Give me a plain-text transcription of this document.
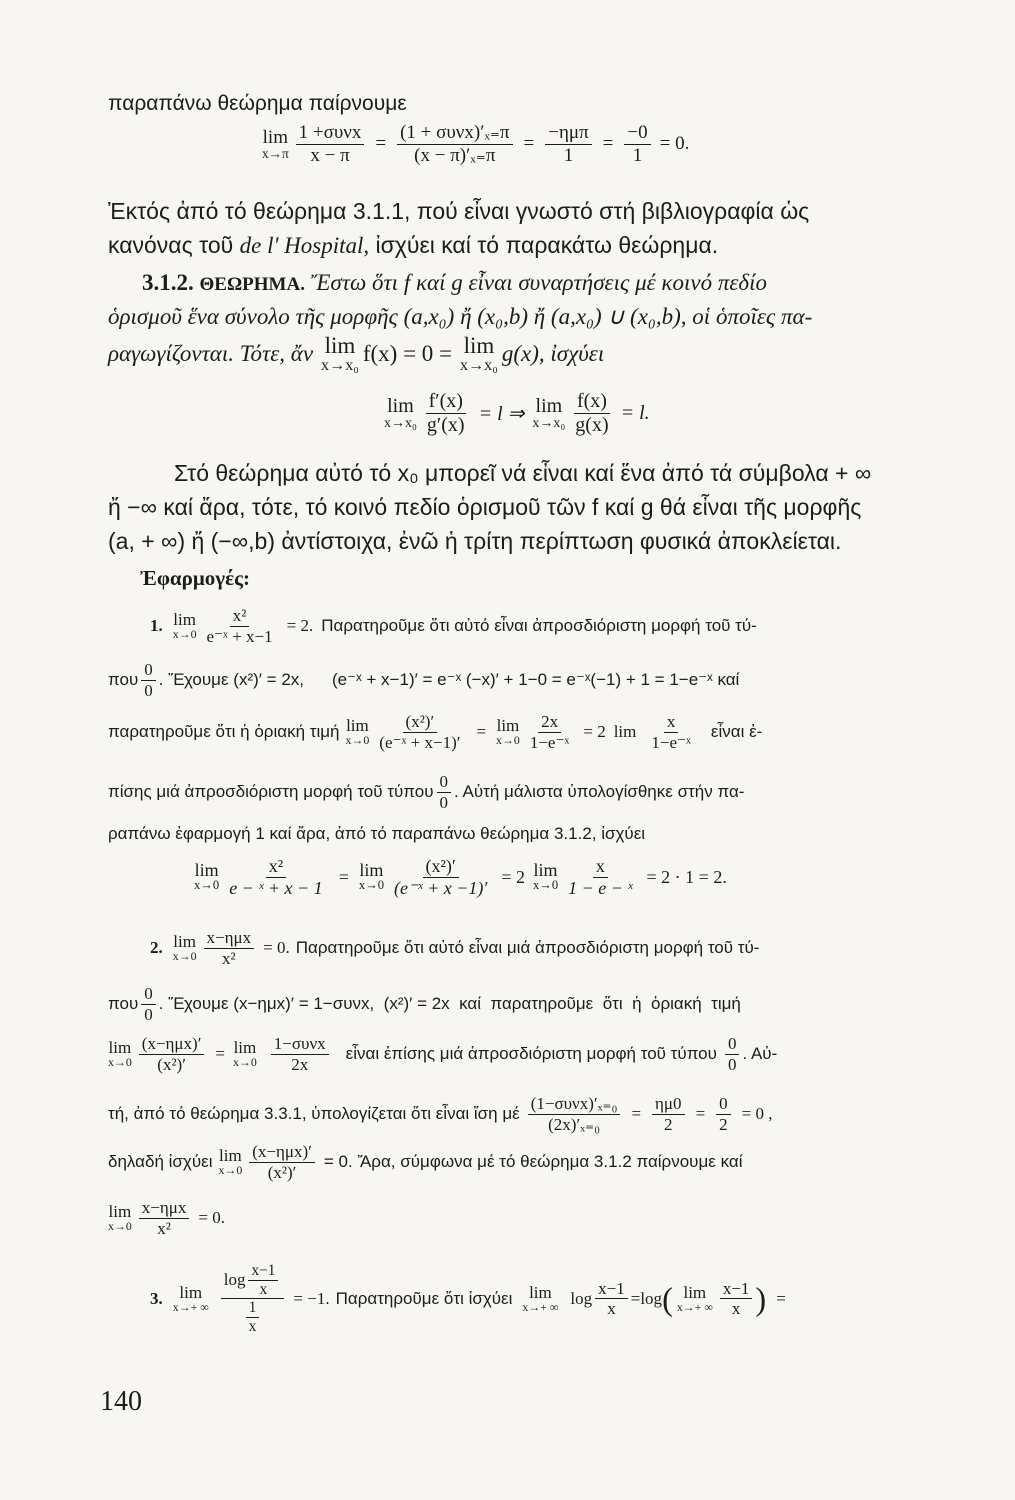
παραπάνω θεώρημα παίρνουμε
lim
$x\to\pi \frac{\text{1 +συνx}}{x - \pi} = \frac{\text{(1 + συνx)′ₓ₌π}}{\text{(x − π)′ₓ₌π}} = \frac{\text{−ημπ}}{1} = \frac{-0}{1} = 0$.
Ἐκτός ἀπό τό θεώρημα 3.1.1, πού εἶναι γνωστό στή βιβλιογραφία ὡς
κανόνας τοῦ de l' Hospital, ἰσχύει καί τό παρακάτω θεώρημα.
3.1.2. ΘΕΩΡΗΜΑ. Ἔστω ὅτι f καί g εἶναι συναρτήσεις μέ κοινό πεδίο
ὁρισμοῦ ἕνα σύνολο τῆς μορφῆς (a,x₀) ἤ (x₀,b) ἤ (a,x₀) ∪ (x₀,b), οἱ ὁποῖες πα-
ραγωγίζονται. Τότε, ἄν lim
x→x₀ f(x) = 0 = lim
x→x₀ g(x), ἰσχύει
lim
$x\to x_0 \frac{f'(x)}{g'(x)} = l$ ⇒ lim
$x\to x_0 \frac{f(x)}{g(x)} = l$.
Στό θεώρημα αὐτό τό x₀ μπορεῖ νά εἶναι καί ἕνα ἀπό τά σύμβολα + ∞
ἤ −∞ καί ἄρα, τότε, τό κοινό πεδίο ὁρισμοῦ τῶν f καί g θά εἶναι τῆς μορφῆς
(a, + ∞) ἤ (−∞,b) ἀντίστοιχα, ἐνῶ ἡ τρίτη περίπτωση φυσικά ἀποκλείεται.
Ἐφαρμογές:
1. lim
$x\to 0 \frac{\text{x²}}{\text{e⁻ˣ + x−1}} = 2$. Παρατηροῦμε ὅτι αὐτό εἶναι ἀπροσδιόριστη μορφή τοῦ τύ-
που $\frac{0}{0}$ . Ἔχουμε (x²)′ = 2x, (e⁻ˣ + x−1)′ = e⁻ˣ (−x)′ + 1−0 = e⁻ˣ(−1) + 1 = 1−e⁻ˣ καί
παρατηροῦμε ὅτι ἡ ὁριακή τιμή lim
$x\to 0 \frac{\text{(x²)′}}{\text{(e⁻ˣ + x−1)′}} = \lim$
$x\to 0 \frac{2x}{\text{1−e⁻ˣ}} = 2$ $\lim \frac{x}{\text{1−e⁻ˣ}}$ εἶναι ἐ-
πίσης μιά ἀπροσδιόριστη μορφή τοῦ τύπου $\frac{0}{0}$ . Αὐτή μάλιστα ὑπολογίσθηκε στήν πα-
ραπάνω ἐφαρμογή 1 καί ἄρα, ἀπό τό παραπάνω θεώρημα 3.1.2, ἰσχύει
lim
$x\to 0 \frac{\text{x²}}{\text{e − ˣ + x − 1}} = \lim$
$x\to 0 \frac{\text{(x²)′}}{\text{(e⁻ˣ + x −1)′}} = 2$ lim
$x\to 0 \frac{x}{\text{1 − e − ˣ}} = 2 \cdot 1 = 2$.
2. lim
$x\to 0 \frac{\text{x−ημx}}{\text{x²}} = 0$. Παρατηροῦμε ὅτι αὐτό εἶναι μιά ἀπροσδιόριστη μορφή τοῦ τύ-
που $\frac{0}{0}$ . Ἔχουμε (x−ημx)′ = 1−συνx,  (x²)′ = 2x  καί  παρατηροῦμε  ὅτι  ἡ  ὁριακή  τιμή
lim
$x\to 0 \frac{\text{(x−ημx)′}}{\text{(x²)′}} = \lim$
$x\to 0 \frac{\text{1−συνx}}{2x}$ εἶναι ἐπίσης μιά ἀπροσδιόριστη μορφή τοῦ τύπου $\frac{0}{0}$ . Αὐ-
τή, ἀπό τό θεώρημα 3.3.1, ὑπολογίζεται ὅτι εἶναι ἴση μέ $\frac{\text{(1−συνx)′ₓ₌₀}}{\text{(2x)′ₓ₌₀}} = \frac{\eta\mu 0}{2} = \frac{0}{2} = 0$ ,
δηλαδή ἰσχύει lim
$x\to 0 \frac{\text{(x−ημx)′}}{\text{(x²)′}} = 0$. Ἄρα, σύμφωνα μέ τό θεώρημα 3.1.2 παίρνουμε καί
lim
$x\to 0 \frac{\text{x−ημx}}{\text{x²}} = 0$.
3. lim
x→+ ∞ $\frac{\log \frac{x-1}{x}}{\frac{1}{x}} = -1$. Παρατηροῦμε ὅτι ἰσχύει lim
x→+ ∞ $\log \frac{x-1}{x} =\log$ ( lim
x→+ ∞ $\frac{x-1}{x}$ ) =
140
